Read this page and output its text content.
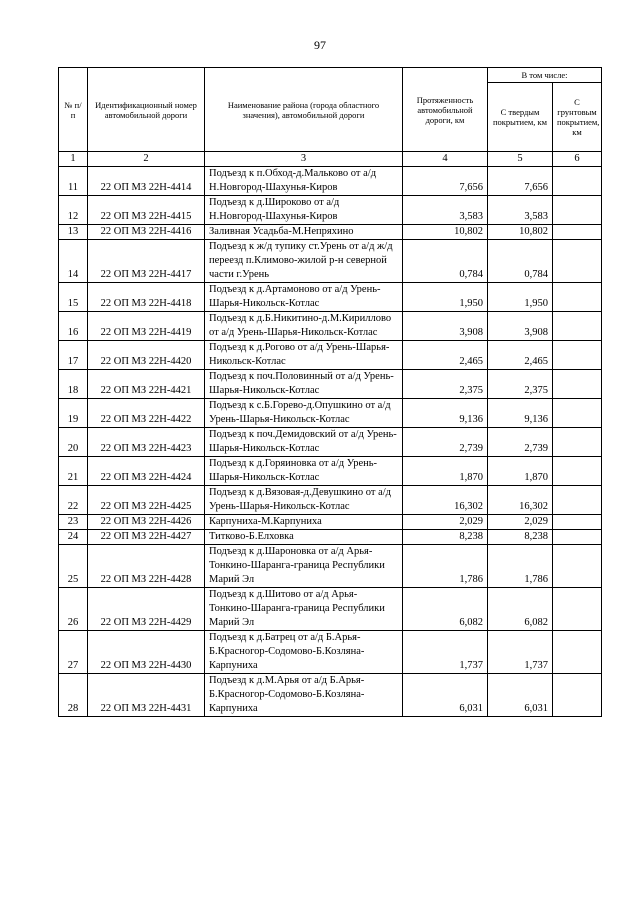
97
№ п/п	Идентификационный номер автомобильной дороги	Наименование района (города областного значения), автомобильной дороги	Протяженность автомобильной дороги, км	В том числе:	
				С твердым покрытием, км	С грунтовым покрытием, км
1	2	3	4	5	6
11	22 ОП МЗ 22Н-4414	Подъезд к п.Обход-д.Мальково от а/д Н.Новгород-Шахунья-Киров	7,656	7,656	
12	22 ОП МЗ 22Н-4415	Подъезд к д.Широково от а/д Н.Новгород-Шахунья-Киров	3,583	3,583	
13	22 ОП МЗ 22Н-4416	Заливная Усадьба-М.Непряхино	10,802	10,802	
14	22 ОП МЗ 22Н-4417	Подъезд к ж/д тупику ст.Урень от а/д ж/д переезд п.Климово-жилой р-н северной части г.Урень	0,784	0,784	
15	22 ОП МЗ 22Н-4418	Подъезд к д.Артамоново от а/д Урень-Шарья-Никольск-Котлас	1,950	1,950	
16	22 ОП МЗ 22Н-4419	Подъезд к д.Б.Никитино-д.М.Кириллово от а/д Урень-Шарья-Никольск-Котлас	3,908	3,908	
17	22 ОП МЗ 22Н-4420	Подъезд к д.Рогово от а/д Урень-Шарья-Никольск-Котлас	2,465	2,465	
18	22 ОП МЗ 22Н-4421	Подъезд к поч.Половинный от а/д Урень-Шарья-Никольск-Котлас	2,375	2,375	
19	22 ОП МЗ 22Н-4422	Подъезд к с.Б.Горево-д.Опушкино от а/д Урень-Шарья-Никольск-Котлас	9,136	9,136	
20	22 ОП МЗ 22Н-4423	Подъезд к поч.Демидовский от а/д Урень-Шарья-Никольск-Котлас	2,739	2,739	
21	22 ОП МЗ 22Н-4424	Подъезд к д.Горяиновка от а/д Урень-Шарья-Никольск-Котлас	1,870	1,870	
22	22 ОП МЗ 22Н-4425	Подъезд к д.Вязовая-д.Девушкино от а/д Урень-Шарья-Никольск-Котлас	16,302	16,302	
23	22 ОП МЗ 22Н-4426	Карпуниха-М.Карпуниха	2,029	2,029	
24	22 ОП МЗ 22Н-4427	Титково-Б.Елховка	8,238	8,238	
25	22 ОП МЗ 22Н-4428	Подъезд к д.Шароновка от а/д Арья-Тонкино-Шаранга-граница Республики Марий Эл	1,786	1,786	
26	22 ОП МЗ 22Н-4429	Подъезд к д.Шитово от а/д Арья-Тонкино-Шаранга-граница Республики Марий Эл	6,082	6,082	
27	22 ОП МЗ 22Н-4430	Подъезд к д.Батрец от а/д Б.Арья-Б.Красногор-Содомово-Б.Козляна-Карпуниха	1,737	1,737	
28	22 ОП МЗ 22Н-4431	Подъезд к д.М.Арья от а/д Б.Арья-Б.Красногор-Содомово-Б.Козляна-Карпуниха	6,031	6,031	
